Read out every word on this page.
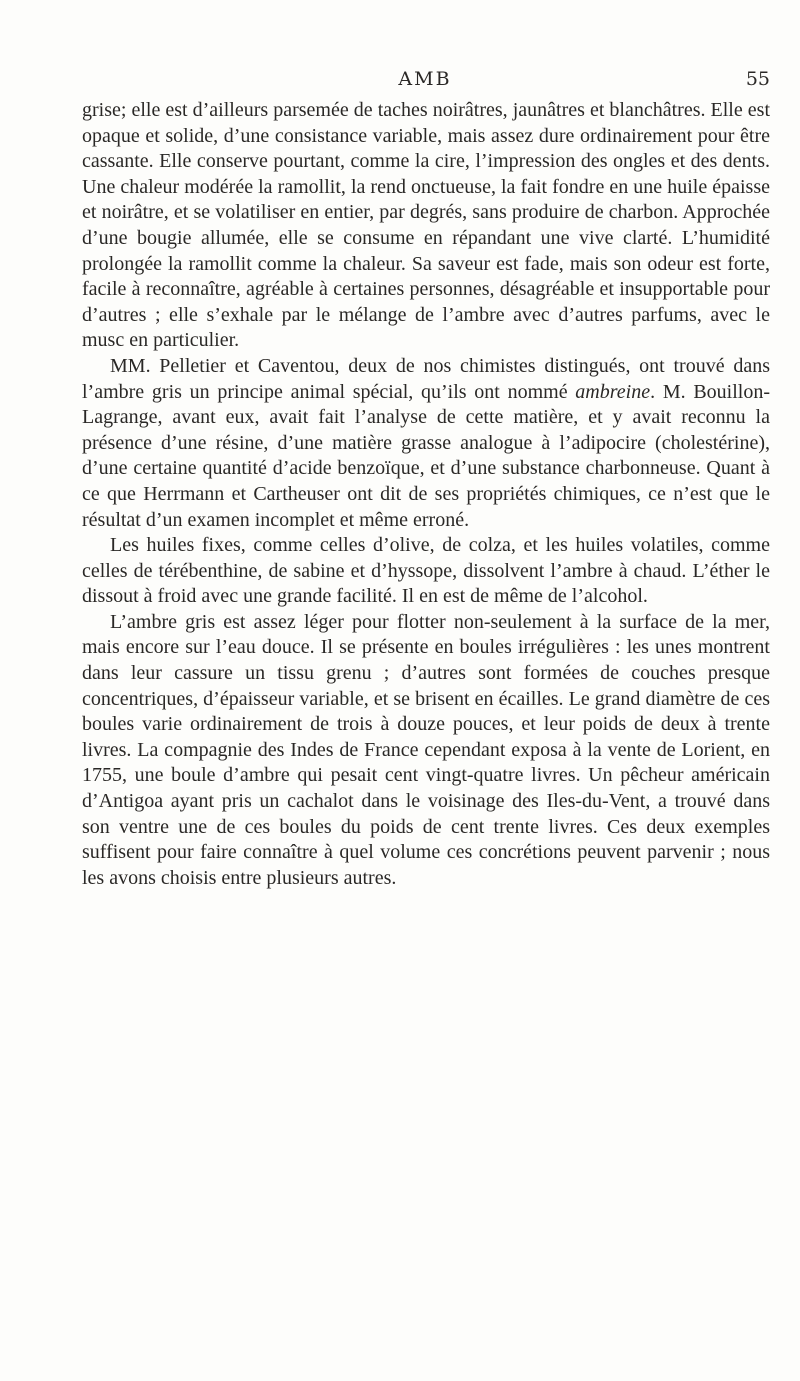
AMB	55

grise; elle est d’ailleurs parsemée de taches noirâtres, jaunâtres et blanchâtres. Elle est opaque et solide, d’une consistance variable, mais assez dure ordinairement pour être cassante. Elle conserve pourtant, comme la cire, l’impression des ongles et des dents. Une chaleur modérée la ramollit, la rend onctueuse, la fait fondre en une huile épaisse et noirâtre, et se volatiliser en entier, par degrés, sans produire de charbon. Approchée d’une bougie allumée, elle se consume en répandant une vive clarté. L’humidité prolongée la ramollit comme la chaleur. Sa saveur est fade, mais son odeur est forte, facile à reconnaître, agréable à certaines personnes, désagréable et insupportable pour d’autres ; elle s’exhale par le mélange de l’ambre avec d’autres parfums, avec le musc en particulier.

MM. Pelletier et Caventou, deux de nos chimistes distingués, ont trouvé dans l’ambre gris un principe animal spécial, qu’ils ont nommé ambreine. M. Bouillon-Lagrange, avant eux, avait fait l’analyse de cette matière, et y avait reconnu la présence d’une résine, d’une matière grasse analogue à l’adipocire (cholestérine), d’une certaine quantité d’acide benzoïque, et d’une substance charbonneuse. Quant à ce que Herrmann et Cartheuser ont dit de ses propriétés chimiques, ce n’est que le résultat d’un examen incomplet et même erroné.

Les huiles fixes, comme celles d’olive, de colza, et les huiles volatiles, comme celles de térébenthine, de sabine et d’hyssope, dissolvent l’ambre à chaud. L’éther le dissout à froid avec une grande facilité. Il en est de même de l’alcohol.

L’ambre gris est assez léger pour flotter non-seulement à la surface de la mer, mais encore sur l’eau douce. Il se présente en boules irrégulières : les unes montrent dans leur cassure un tissu grenu ; d’autres sont formées de couches presque concentriques, d’épaisseur variable, et se brisent en écailles. Le grand diamètre de ces boules varie ordinairement de trois à douze pouces, et leur poids de deux à trente livres. La compagnie des Indes de France cependant exposa à la vente de Lorient, en 1755, une boule d’ambre qui pesait cent vingt-quatre livres. Un pêcheur américain d’Antigoa ayant pris un cachalot dans le voisinage des Iles-du-Vent, a trouvé dans son ventre une de ces boules du poids de cent trente livres. Ces deux exemples suffisent pour faire connaître à quel volume ces concrétions peuvent parvenir ; nous les avons choisis entre plusieurs autres.
